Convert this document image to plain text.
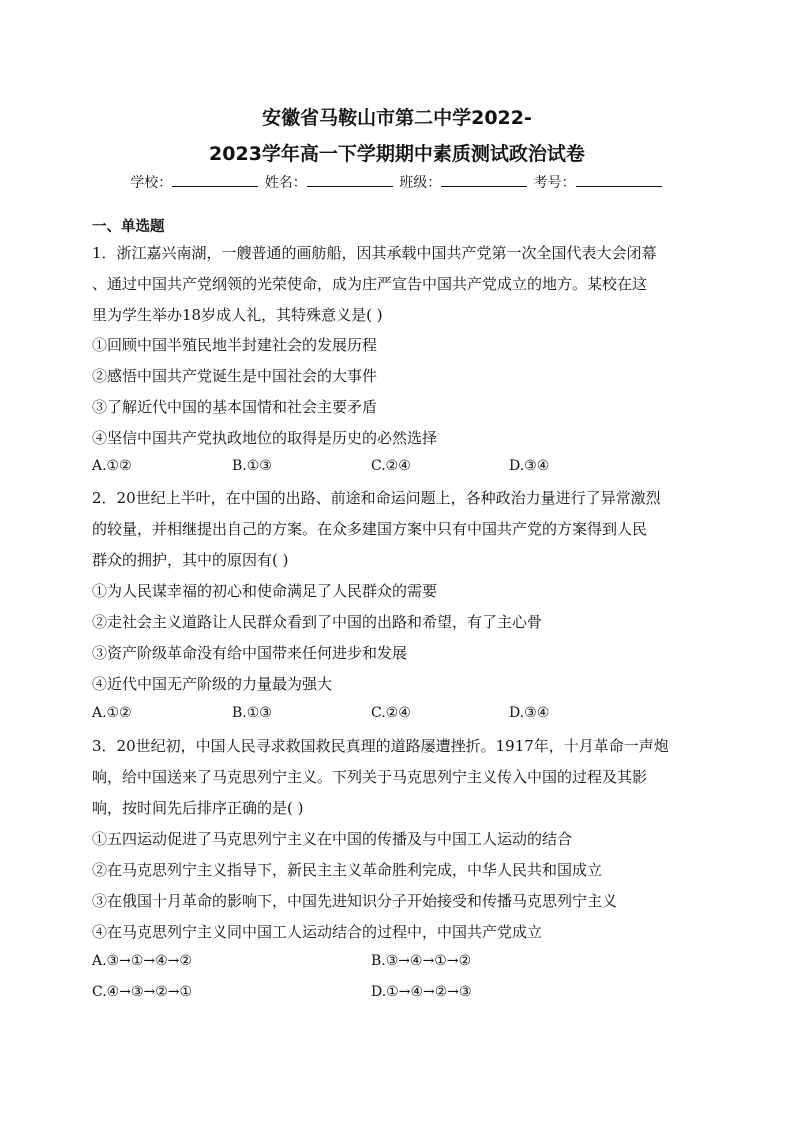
安徽省马鞍山市第二中学2022-
2023学年高一下学期期中素质测试政治试卷
学校：	姓名：	班级：	考号：
一、单选题
1．浙江嘉兴南湖，一艘普通的画舫船，因其承载中国共产党第一次全国代表大会闭幕
、通过中国共产党纲领的光荣使命，成为庄严宣告中国共产党成立的地方。某校在这
里为学生举办18岁成人礼，其特殊意义是( )
①回顾中国半殖民地半封建社会的发展历程
②感悟中国共产党诞生是中国社会的大事件
③了解近代中国的基本国情和社会主要矛盾
④坚信中国共产党执政地位的取得是历史的必然选择
A.①②	B.①③	C.②④	D.③④
2．20世纪上半叶，在中国的出路、前途和命运问题上，各种政治力量进行了异常激烈
的较量，并相继提出自己的方案。在众多建国方案中只有中国共产党的方案得到人民
群众的拥护，其中的原因有( )
①为人民谋幸福的初心和使命满足了人民群众的需要
②走社会主义道路让人民群众看到了中国的出路和希望，有了主心骨
③资产阶级革命没有给中国带来任何进步和发展
④近代中国无产阶级的力量最为强大
A.①②	B.①③	C.②④	D.③④
3．20世纪初，中国人民寻求救国救民真理的道路屡遭挫折。1917年，十月革命一声炮
响，给中国送来了马克思列宁主义。下列关于马克思列宁主义传入中国的过程及其影
响，按时间先后排序正确的是( )
①五四运动促进了马克思列宁主义在中国的传播及与中国工人运动的结合
②在马克思列宁主义指导下，新民主主义革命胜利完成，中华人民共和国成立
③在俄国十月革命的影响下，中国先进知识分子开始接受和传播马克思列宁主义
④在马克思列宁主义同中国工人运动结合的过程中，中国共产党成立
A.③→①→④→②	B.③→④→①→②
C.④→③→②→①	D.①→④→②→③
